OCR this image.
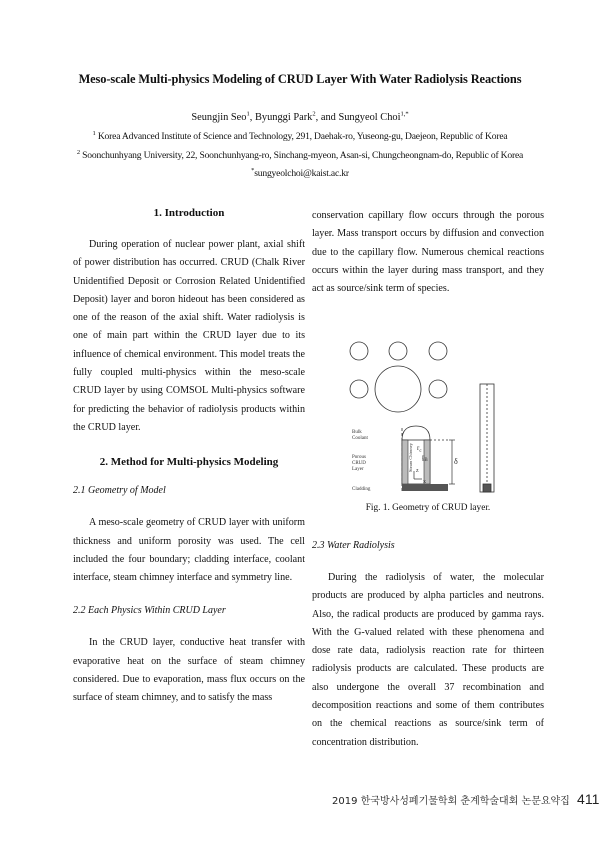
Meso-scale Multi-physics Modeling of CRUD Layer With Water Radiolysis Reactions
Seungjin Seo$^1$, Byunggi Park$^2$, and Sungyeol Choi$^{1,*}$
$^1$ Korea Advanced Institute of Science and Technology, 291, Daehak-ro, Yuseong-gu, Daejeon, Republic of Korea
$^2$ Soonchunhyang University, 22, Soonchunhyang-ro, Sinchang-myeon, Asan-si, Chungcheongnam-do, Republic of Korea
*sungyeolchoi@kaist.ac.kr
1. Introduction

During operation of nuclear power plant, axial shift of power distribution has occurred. CRUD (Chalk River Unidentified Deposit or Corrosion Related Unidentified Deposit) layer and boron hideout has been considered as one of the reason of the axial shift. Water radiolysis is one of main part within the CRUD layer due to its influence of chemical environment. This model treats the fully coupled multi-physics within the meso-scale CRUD layer by using COMSOL Multi-physics software for predicting the behavior of radiolysis products within the CRUD layer.

2. Method for Multi-physics Modeling
2.1 Geometry of Model

A meso-scale geometry of CRUD layer with uniform thickness and uniform porosity was used. The cell included the four boundary; cladding interface, coolant interface, steam chimney interface and symmetry line.

2.2 Each Physics Within CRUD Layer

In the CRUD layer, conductive heat transfer with evaporative heat on the surface of steam chimney considered. Due to evaporation, mass flux occurs on the surface of steam chimney, and to satisfy the mass

conservation capillary flow occurs through the porous layer. Mass transport occurs by diffusion and convection due to the capillary flow. Numerous chemical reactions occurs within the layer during mass transport, and they act as source/sink term of species.

Bulk
Coolant
Porous
CRUD
Layer
Cladding
Steam Chimney $r_c$
$r_B$	δ
x
z
Fig. 1. Geometry of CRUD layer.
2.3 Water Radiolysis

During the radiolysis of water, the molecular products are produced by alpha particles and neutrons. Also, the radical products are produced by gamma rays. With the G-valued related with these phenomena and dose rate data, radiolysis reaction rate for thirteen radiolysis products are calculated. These products are also undergone the overall 37 recombination and decomposition reactions and some of them contributes on the chemical reactions as source/sink term of concentration distribution.

2019 한국방사성폐기물학회 춘계학술대회 논문요약집 411
